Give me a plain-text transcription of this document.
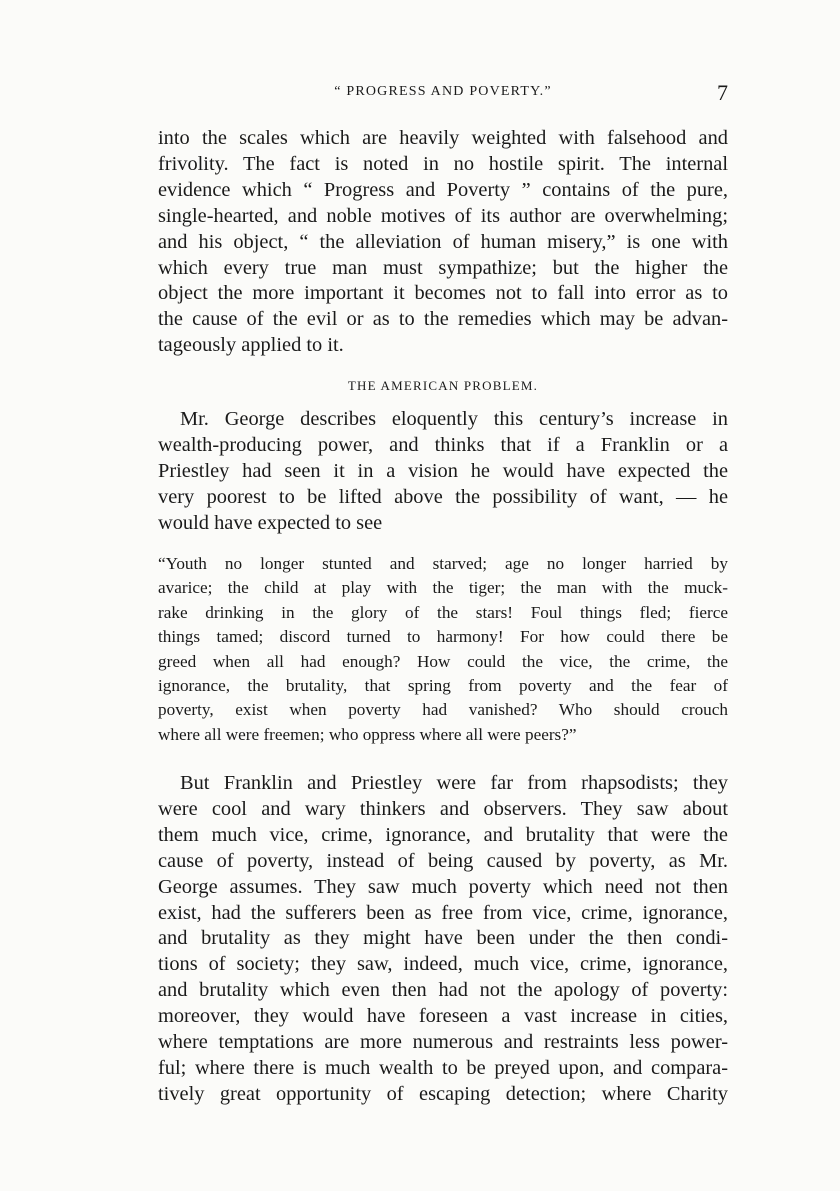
“ PROGRESS AND POVERTY.”	7
into the scales which are heavily weighted with falsehood and
frivolity. The fact is noted in no hostile spirit. The internal
evidence which “ Progress and Poverty ” contains of the pure,
single-hearted, and noble motives of its author are overwhelming;
and his object, “ the alleviation of human misery,” is one with
which every true man must sympathize; but the higher the
object the more important it becomes not to fall into error as to
the cause of the evil or as to the remedies which may be advan-
tageously applied to it.
THE AMERICAN PROBLEM.
Mr. George describes eloquently this century’s increase in
wealth-producing power, and thinks that if a Franklin or a
Priestley had seen it in a vision he would have expected the
very poorest to be lifted above the possibility of want, — he
would have expected to see
“Youth no longer stunted and starved; age no longer harried by
avarice; the child at play with the tiger; the man with the muck-
rake drinking in the glory of the stars! Foul things fled; fierce
things tamed; discord turned to harmony! For how could there be
greed when all had enough? How could the vice, the crime, the
ignorance, the brutality, that spring from poverty and the fear of
poverty, exist when poverty had vanished? Who should crouch
where all were freemen; who oppress where all were peers?”
But Franklin and Priestley were far from rhapsodists; they
were cool and wary thinkers and observers. They saw about
them much vice, crime, ignorance, and brutality that were the
cause of poverty, instead of being caused by poverty, as Mr.
George assumes. They saw much poverty which need not then
exist, had the sufferers been as free from vice, crime, ignorance,
and brutality as they might have been under the then condi-
tions of society; they saw, indeed, much vice, crime, ignorance,
and brutality which even then had not the apology of poverty:
moreover, they would have foreseen a vast increase in cities,
where temptations are more numerous and restraints less power-
ful; where there is much wealth to be preyed upon, and compara-
tively great opportunity of escaping detection; where Charity
